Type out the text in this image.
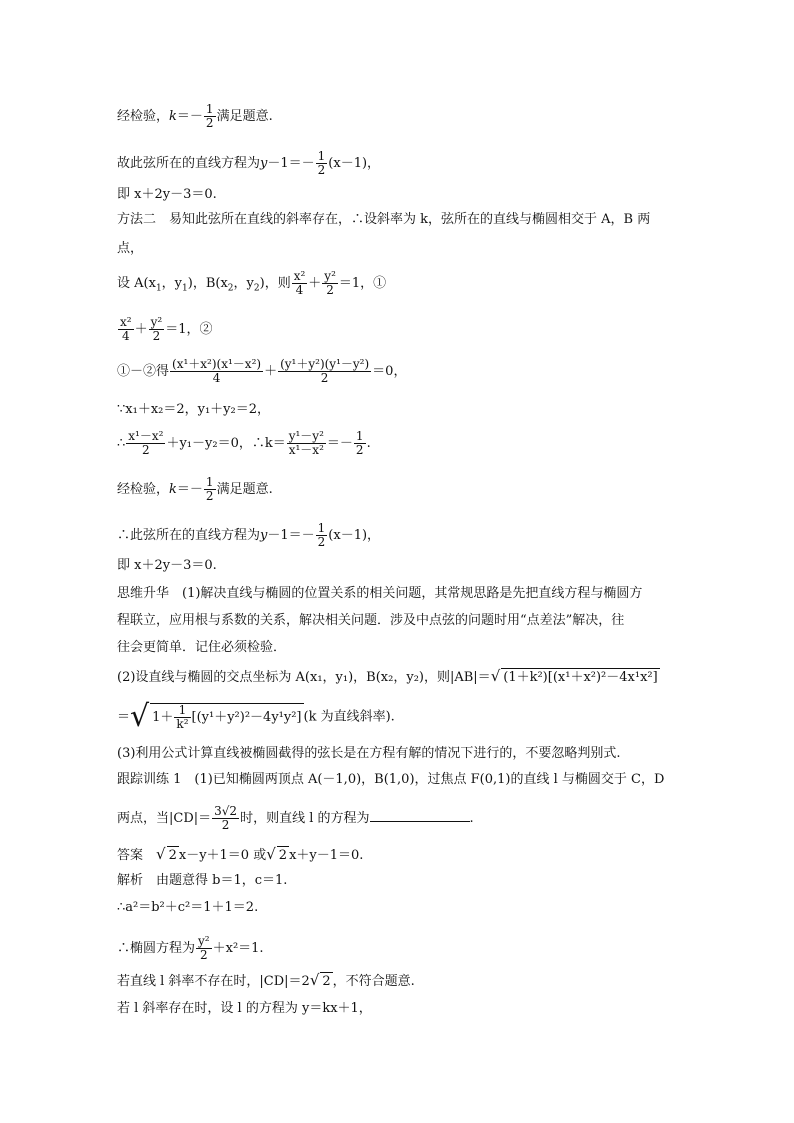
经检验，$k=- \frac{1}{2}$ 满足题意.
故此弦所在的直线方程为$y-1=- \frac{1}{2} (x-1)$，
即 x＋2y－3＝0.
方法二　易知此弦所在直线的斜率存在，∴设斜率为 k，弦所在的直线与椭圆相交于 A，B 两
点，
设 $A(x_1$，$y_1$)，$B(x_2$，$y_2$)，则 $\frac{\text{x²}}{4} + \frac{\text{y²}}{2} =1$，①
$\frac{\text{x²}}{4} + \frac{\text{y²}}{2} =1$，②
①－②得 $\frac{\text{(x¹＋x²)(x¹－x²)}}{4} + \frac{\text{(y¹＋y²)(y¹－y²)}}{2} =0$，
∵x₁＋x₂＝2，y₁＋y₂＝2，
∴ $\frac{\text{x¹－x²}}{2} +y_1-y_2=0$，∴k＝ $\frac{\text{y¹－y²}}{\text{x¹－x²}} =- \frac{1}{2}$ .
经检验，$k=- \frac{1}{2}$ 满足题意.
∴此弦所在的直线方程为$y-1=- \frac{1}{2} (x-1)$，
即 x＋2y－3＝0.
思维升华　(1)解决直线与椭圆的位置关系的相关问题，其常规思路是先把直线方程与椭圆方
程联立，应用根与系数的关系，解决相关问题．涉及中点弦的问题时用“点差法”解决，往
往会更简单．记住必须检验．
(2)设直线与椭圆的交点坐标为 A(x₁，y₁)，B(x₂，y₂)，则|AB|＝√ (1＋k²)[(x¹＋x²)²－4x¹x²]
＝√ $1+ \frac{1}{\text{k²}} [(y^1+y^2)^2-4y^1y^2]$ (k 为直线斜率).
(3)利用公式计算直线被椭圆截得的弦长是在方程有解的情况下进行的，不要忽略判别式.
跟踪训练 1　(1)已知椭圆两顶点 A(－1,0)，B(1,0)，过焦点 F(0,1)的直线 l 与椭圆交于 C，D
两点，当$|CD|= \frac{3√2}{2}$ 时，则直线 l 的方程为	.
答案　√ 2 x－y＋1＝0 或√ 2 x＋y－1＝0.
解析　由题意得 b＝1，c＝1.
∴a²＝b²＋c²＝1＋1＝2.
∴椭圆方程为 $\frac{\text{y²}}{2} +x^2=1$.
若直线 l 斜率不存在时，|CD|＝2√ 2 ，不符合题意.
若 l 斜率存在时，设 l 的方程为 y＝kx＋1，
